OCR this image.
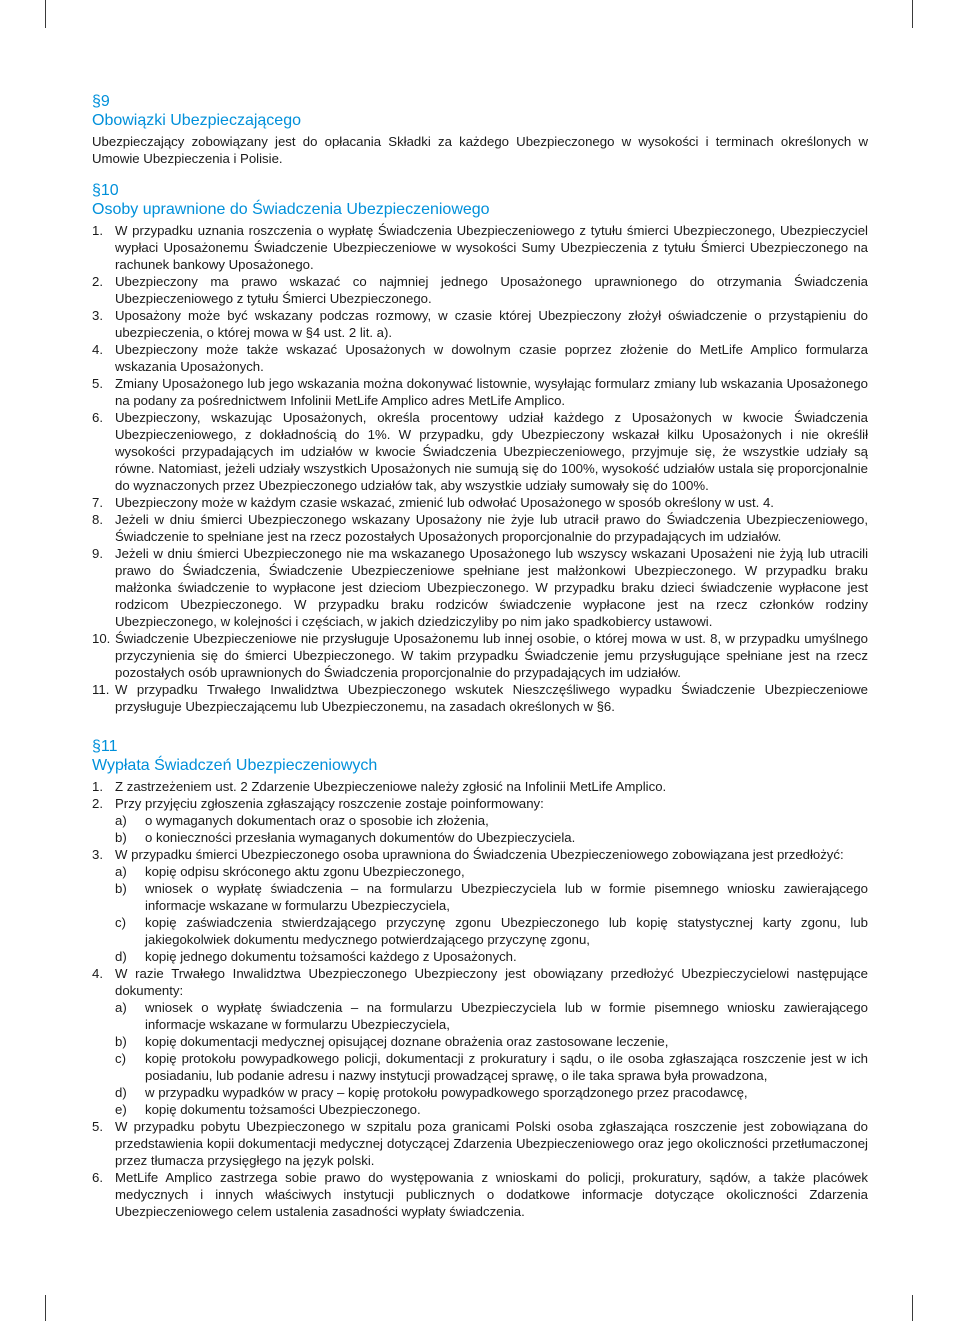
§9
Obowiązki Ubezpieczającego

Ubezpieczający zobowiązany jest do opłacania Składki za każdego Ubezpieczonego w wysokości i terminach określonych w Umowie Ubezpieczenia i Polisie.

§10
Osoby uprawnione do Świadczenia Ubezpieczeniowego
1. W przypadku uznania roszczenia o wypłatę Świadczenia Ubezpieczeniowego z tytułu śmierci Ubezpieczonego, Ubezpieczyciel wypłaci Uposażonemu Świadczenie Ubezpieczeniowe w wysokości Sumy Ubezpieczenia z tytułu Śmierci Ubezpieczonego na rachunek bankowy Uposażonego.
2. Ubezpieczony ma prawo wskazać co najmniej jednego Uposażonego uprawnionego do otrzymania Świadczenia Ubezpieczeniowego z tytułu Śmierci Ubezpieczonego.
3. Uposażony może być wskazany podczas rozmowy, w czasie której Ubezpieczony złożył oświadczenie o przystąpieniu do ubezpieczenia, o której mowa w §4 ust. 2 lit. a).
4. Ubezpieczony może także wskazać Uposażonych w dowolnym czasie poprzez złożenie do MetLife Amplico formularza wskazania Uposażonych.
5. Zmiany Uposażonego lub jego wskazania można dokonywać listownie, wysyłając formularz zmiany lub wskazania Uposażonego na podany za pośrednictwem Infolinii MetLife Amplico adres MetLife Amplico.
6. Ubezpieczony, wskazując Uposażonych, określa procentowy udział każdego z Uposażonych w kwocie Świadczenia Ubezpieczeniowego, z dokładnością do 1%. W przypadku, gdy Ubezpieczony wskazał kilku Uposażonych i nie określił wysokości przypadających im udziałów w kwocie Świadczenia Ubezpieczeniowego, przyjmuje się, że wszystkie udziały są równe. Natomiast, jeżeli udziały wszystkich Uposażonych nie sumują się do 100%, wysokość udziałów ustala się proporcjonalnie do wyznaczonych przez Ubezpieczonego udziałów tak, aby wszystkie udziały sumowały się do 100%.
7. Ubezpieczony może w każdym czasie wskazać, zmienić lub odwołać Uposażonego w sposób określony w ust. 4.
8. Jeżeli w dniu śmierci Ubezpieczonego wskazany Uposażony nie żyje lub utracił prawo do Świadczenia Ubezpieczeniowego, Świadczenie to spełniane jest na rzecz pozostałych Uposażonych proporcjonalnie do przypadających im udziałów.
9. Jeżeli w dniu śmierci Ubezpieczonego nie ma wskazanego Uposażonego lub wszyscy wskazani Uposażeni nie żyją lub utracili prawo do Świadczenia, Świadczenie Ubezpieczeniowe spełniane jest małżonkowi Ubezpieczonego. W przypadku braku małżonka świadczenie to wypłacone jest dzieciom Ubezpieczonego. W przypadku braku dzieci świadczenie wypłacone jest rodzicom Ubezpieczonego. W przypadku braku rodziców świadczenie wypłacone jest na rzecz członków rodziny Ubezpieczonego, w kolejności i częściach, w jakich dziedziczyliby po nim jako spadkobiercy ustawowi.
10. Świadczenie Ubezpieczeniowe nie przysługuje Uposażonemu lub innej osobie, o której mowa w ust. 8, w przypadku umyślnego przyczynienia się do śmierci Ubezpieczonego. W takim przypadku Świadczenie jemu przysługujące spełniane jest na rzecz pozostałych osób uprawnionych do Świadczenia proporcjonalnie do przypadających im udziałów.
11. W przypadku Trwałego Inwalidztwa Ubezpieczonego wskutek Nieszczęśliwego wypadku Świadczenie Ubezpieczeniowe przysługuje Ubezpieczającemu lub Ubezpieczonemu, na zasadach określonych w §6.
§11
Wypłata Świadczeń Ubezpieczeniowych
1. Z zastrzeżeniem ust. 2 Zdarzenie Ubezpieczeniowe należy zgłosić na Infolinii MetLife Amplico.
2. Przy przyjęciu zgłoszenia zgłaszający roszczenie zostaje poinformowany:
a)	o wymaganych dokumentach oraz o sposobie ich złożenia,
b)	o konieczności przesłania wymaganych dokumentów do Ubezpieczyciela.
3. W przypadku śmierci Ubezpieczonego osoba uprawniona do Świadczenia Ubezpieczeniowego zobowiązana jest przedłożyć:
a)	kopię odpisu skróconego aktu zgonu Ubezpieczonego,
b)	wniosek o wypłatę świadczenia – na formularzu Ubezpieczyciela lub w formie pisemnego wniosku zawierającego informacje wskazane w formularzu Ubezpieczyciela,
c)	kopię zaświadczenia stwierdzającego przyczynę zgonu Ubezpieczonego lub kopię statystycznej karty zgonu, lub jakiegokolwiek dokumentu medycznego potwierdzającego przyczynę zgonu,
d)	kopię jednego dokumentu tożsamości każdego z Uposażonych.
4. W razie Trwałego Inwalidztwa Ubezpieczonego Ubezpieczony jest obowiązany przedłożyć Ubezpieczycielowi następujące dokumenty:
a)	wniosek o wypłatę świadczenia – na formularzu Ubezpieczyciela lub w formie pisemnego wniosku zawierającego informacje wskazane w formularzu Ubezpieczyciela,
b)	kopię dokumentacji medycznej opisującej doznane obrażenia oraz zastosowane leczenie,
c)	kopię protokołu powypadkowego policji, dokumentacji z prokuratury i sądu, o ile osoba zgłaszająca roszczenie jest w ich posiadaniu, lub podanie adresu i nazwy instytucji prowadzącej sprawę, o ile taka sprawa była prowadzona,
d)	w przypadku wypadków w pracy – kopię protokołu powypadkowego sporządzonego przez pracodawcę,
e)	kopię dokumentu tożsamości Ubezpieczonego.
5. W przypadku pobytu Ubezpieczonego w szpitalu poza granicami Polski osoba zgłaszająca roszczenie jest zobowiązana do przedstawienia kopii dokumentacji medycznej dotyczącej Zdarzenia Ubezpieczeniowego oraz jego okoliczności przetłumaczonej przez tłumacza przysięgłego na język polski.
6. MetLife Amplico zastrzega sobie prawo do występowania z wnioskami do policji, prokuratury, sądów, a także placówek medycznych i innych właściwych instytucji publicznych o dodatkowe informacje dotyczące okoliczności Zdarzenia Ubezpieczeniowego celem ustalenia zasadności wypłaty świadczenia.
